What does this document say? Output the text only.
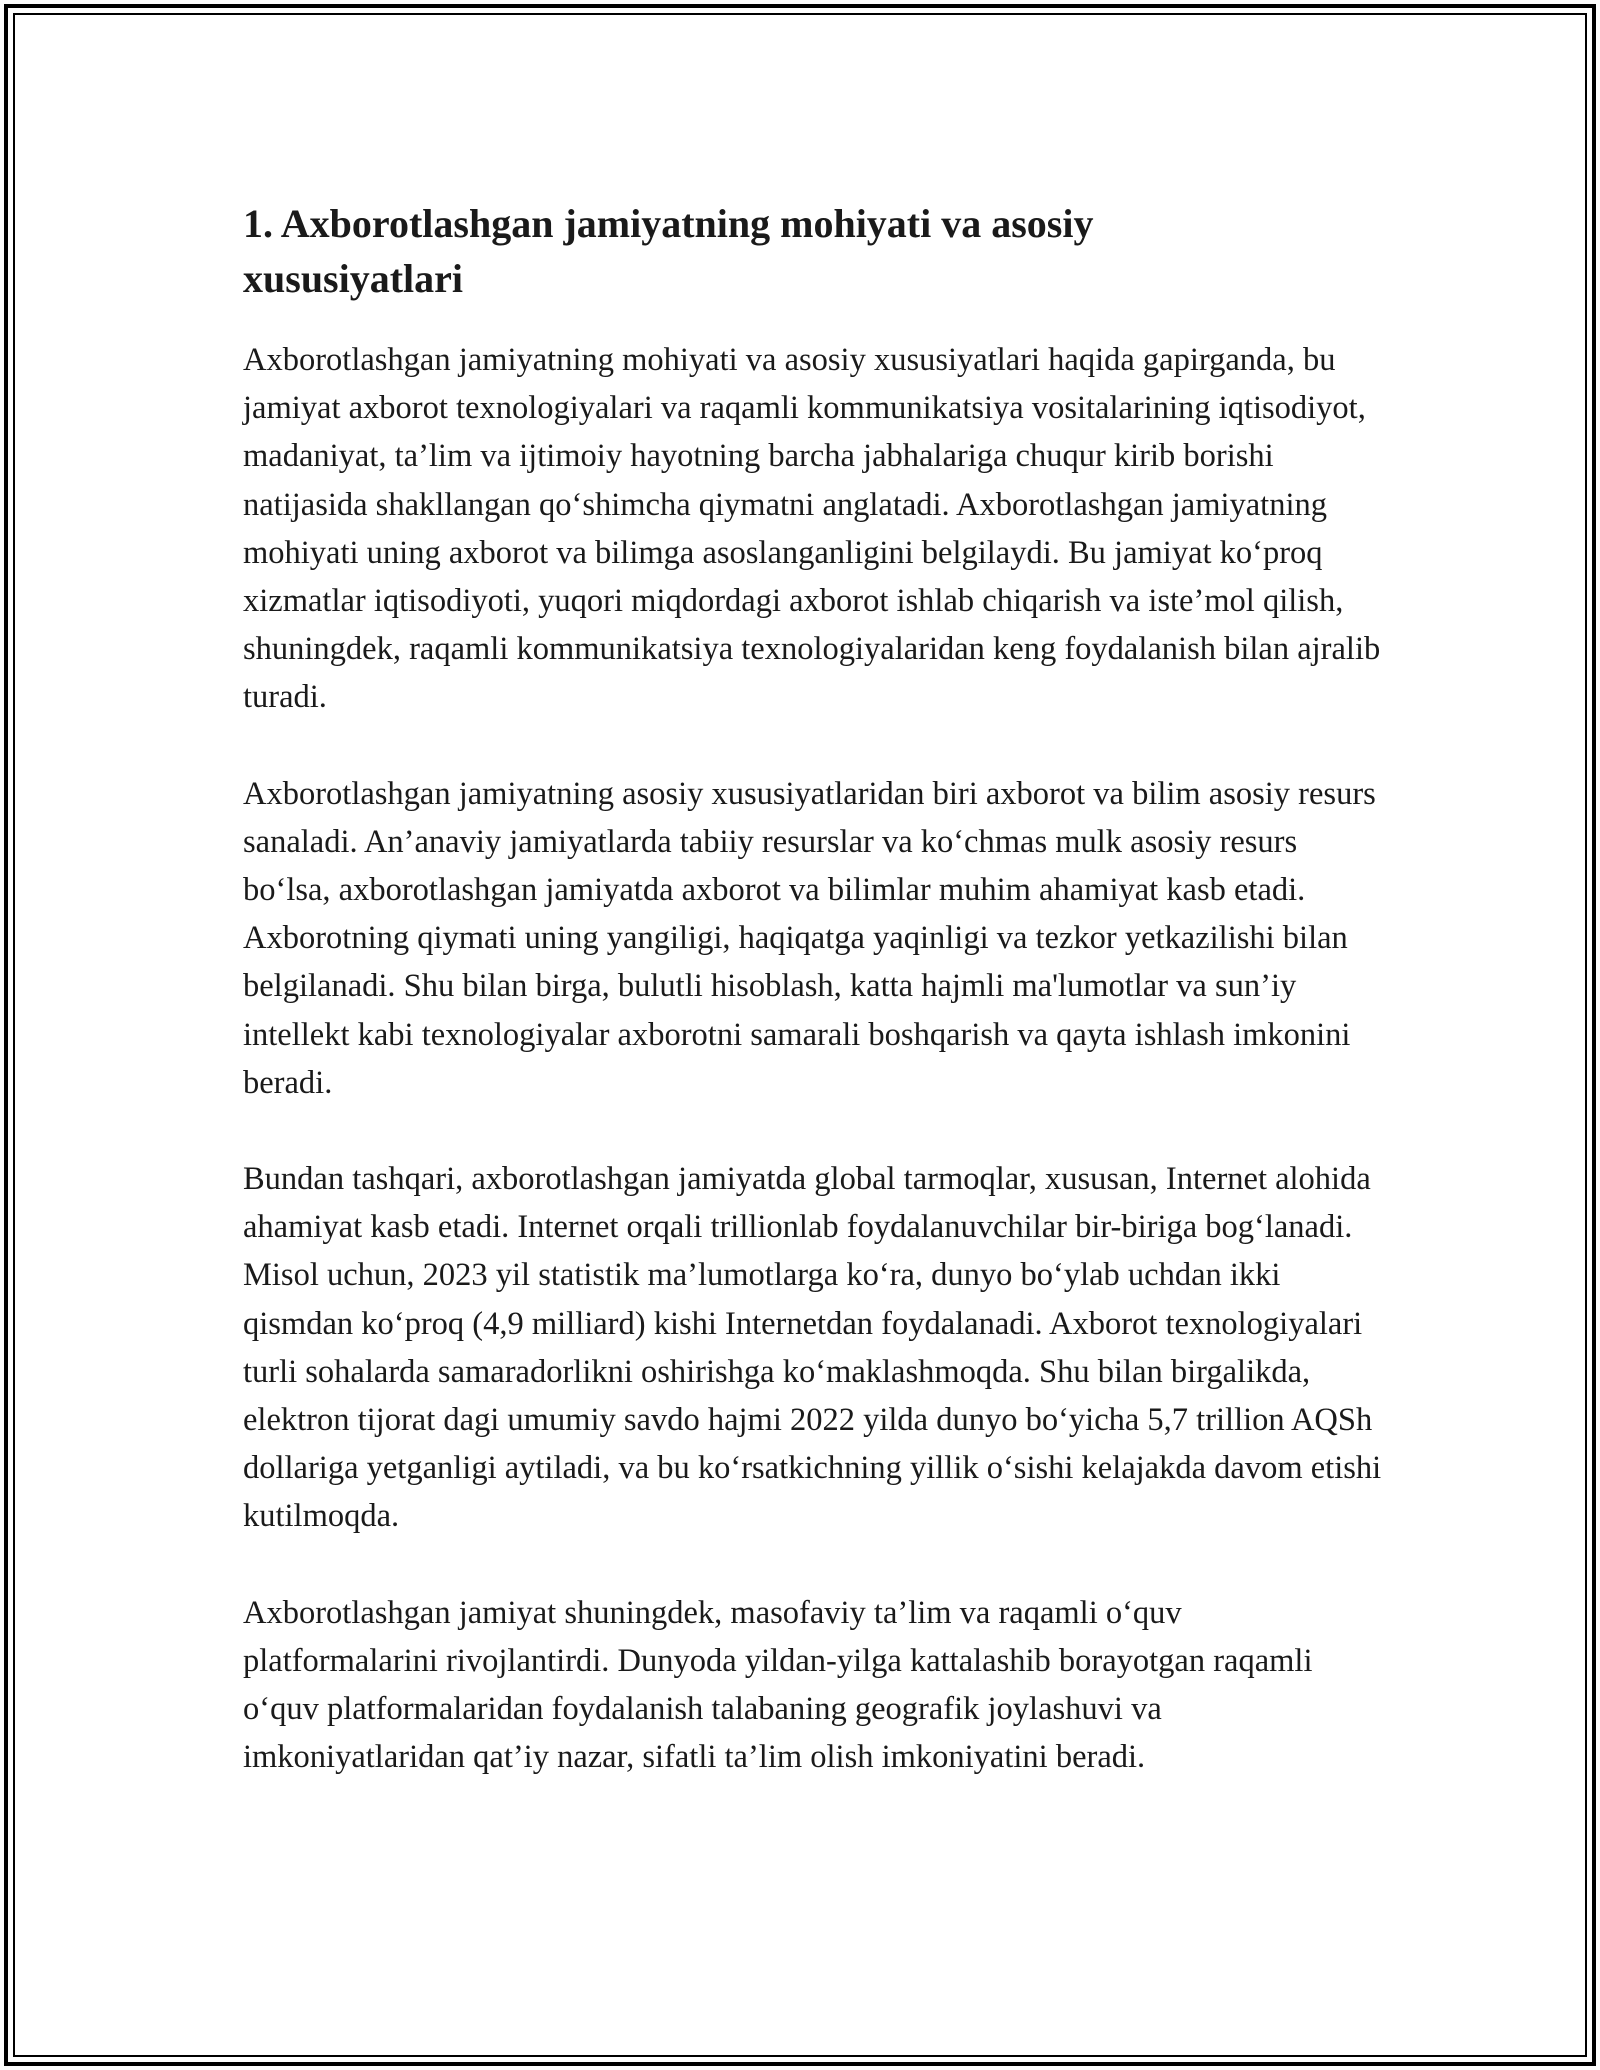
1. Axborotlashgan jamiyatning mohiyati va asosiy xususiyatlari

Axborotlashgan jamiyatning mohiyati va asosiy xususiyatlari haqida gapirganda, bu jamiyat axborot texnologiyalari va raqamli kommunikatsiya vositalarining iqtisodiyot, madaniyat, ta’lim va ijtimoiy hayotning barcha jabhalariga chuqur kirib borishi natijasida shakllangan qo‘shimcha qiymatni anglatadi. Axborotlashgan jamiyatning mohiyati uning axborot va bilimga asoslanganligini belgilaydi. Bu jamiyat ko‘proq xizmatlar iqtisodiyoti, yuqori miqdordagi axborot ishlab chiqarish va iste’mol qilish, shuningdek, raqamli kommunikatsiya texnologiyalaridan keng foydalanish bilan ajralib turadi.

Axborotlashgan jamiyatning asosiy xususiyatlaridan biri axborot va bilim asosiy resurs sanaladi. An’anaviy jamiyatlarda tabiiy resurslar va ko‘chmas mulk asosiy resurs bo‘lsa, axborotlashgan jamiyatda axborot va bilimlar muhim ahamiyat kasb etadi. Axborotning qiymati uning yangiligi, haqiqatga yaqinligi va tezkor yetkazilishi bilan belgilanadi. Shu bilan birga, bulutli hisoblash, katta hajmli ma'lumotlar va sun’iy intellekt kabi texnologiyalar axborotni samarali boshqarish va qayta ishlash imkonini beradi.

Bundan tashqari, axborotlashgan jamiyatda global tarmoqlar, xususan, Internet alohida ahamiyat kasb etadi. Internet orqali trillionlab foydalanuvchilar bir-biriga bog‘lanadi. Misol uchun, 2023 yil statistik ma’lumotlarga ko‘ra, dunyo bo‘ylab uchdan ikki qismdan ko‘proq (4,9 milliard) kishi Internetdan foydalanadi. Axborot texnologiyalari turli sohalarda samaradorlikni oshirishga ko‘maklashmoqda. Shu bilan birgalikda, elektron tijorat dagi umumiy savdo hajmi 2022 yilda dunyo bo‘yicha 5,7 trillion AQSh dollariga yetganligi aytiladi, va bu ko‘rsatkichning yillik o‘sishi kelajakda davom etishi kutilmoqda.

Axborotlashgan jamiyat shuningdek, masofaviy ta’lim va raqamli o‘quv platformalarini rivojlantirdi. Dunyoda yildan-yilga kattalashib borayotgan raqamli o‘quv platformalaridan foydalanish talabaning geografik joylashuvi va imkoniyatlaridan qat’iy nazar, sifatli ta’lim olish imkoniyatini beradi.
